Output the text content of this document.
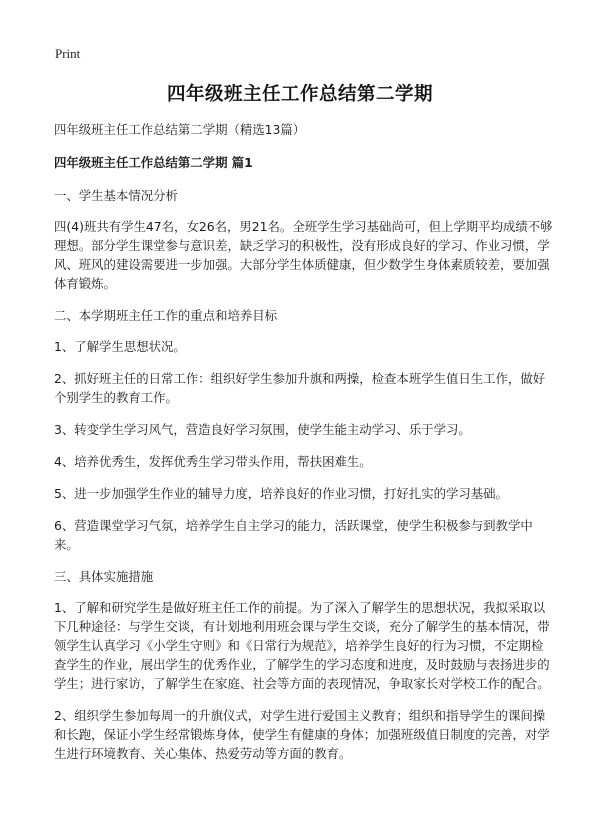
Print
四年级班主任工作总结第二学期

四年级班主任工作总结第二学期（精选13篇）

四年级班主任工作总结第二学期 篇1

一、学生基本情况分析

四(4)班共有学生47名，女26名，男21名。全班学生学习基础尚可，但上学期平均成绩不够理想。部分学生课堂参与意识差，缺乏学习的积极性，没有形成良好的学习、作业习惯，学风、班风的建设需要进一步加强。大部分学生体质健康，但少数学生身体素质较差，要加强体育锻炼。

二、本学期班主任工作的重点和培养目标

1、了解学生思想状况。

2、抓好班主任的日常工作：组织好学生参加升旗和两操，检查本班学生值日生工作，做好个别学生的教育工作。

3、转变学生学习风气，营造良好学习氛围，使学生能主动学习、乐于学习。

4、培养优秀生，发挥优秀生学习带头作用，帮扶困难生。

5、进一步加强学生作业的辅导力度，培养良好的作业习惯，打好扎实的学习基础。

6、营造课堂学习气氛，培养学生自主学习的能力，活跃课堂，使学生积极参与到教学中来。

三、具体实施措施

1、了解和研究学生是做好班主任工作的前提。为了深入了解学生的思想状况，我拟采取以下几种途径：与学生交谈，有计划地利用班会课与学生交谈，充分了解学生的基本情况，带领学生认真学习《小学生守则》和《日常行为规范》，培养学生良好的行为习惯，不定期检查学生的作业，展出学生的优秀作业，了解学生的学习态度和进度，及时鼓励与表扬进步的学生；进行家访，了解学生在家庭、社会等方面的表现情况，争取家长对学校工作的配合。

2、组织学生参加每周一的升旗仪式，对学生进行爱国主义教育；组织和指导学生的课间操和长跑，保证小学生经常锻炼身体，使学生有健康的身体；加强班级值日制度的完善，对学生进行环境教育、关心集体、热爱劳动等方面的教育。
